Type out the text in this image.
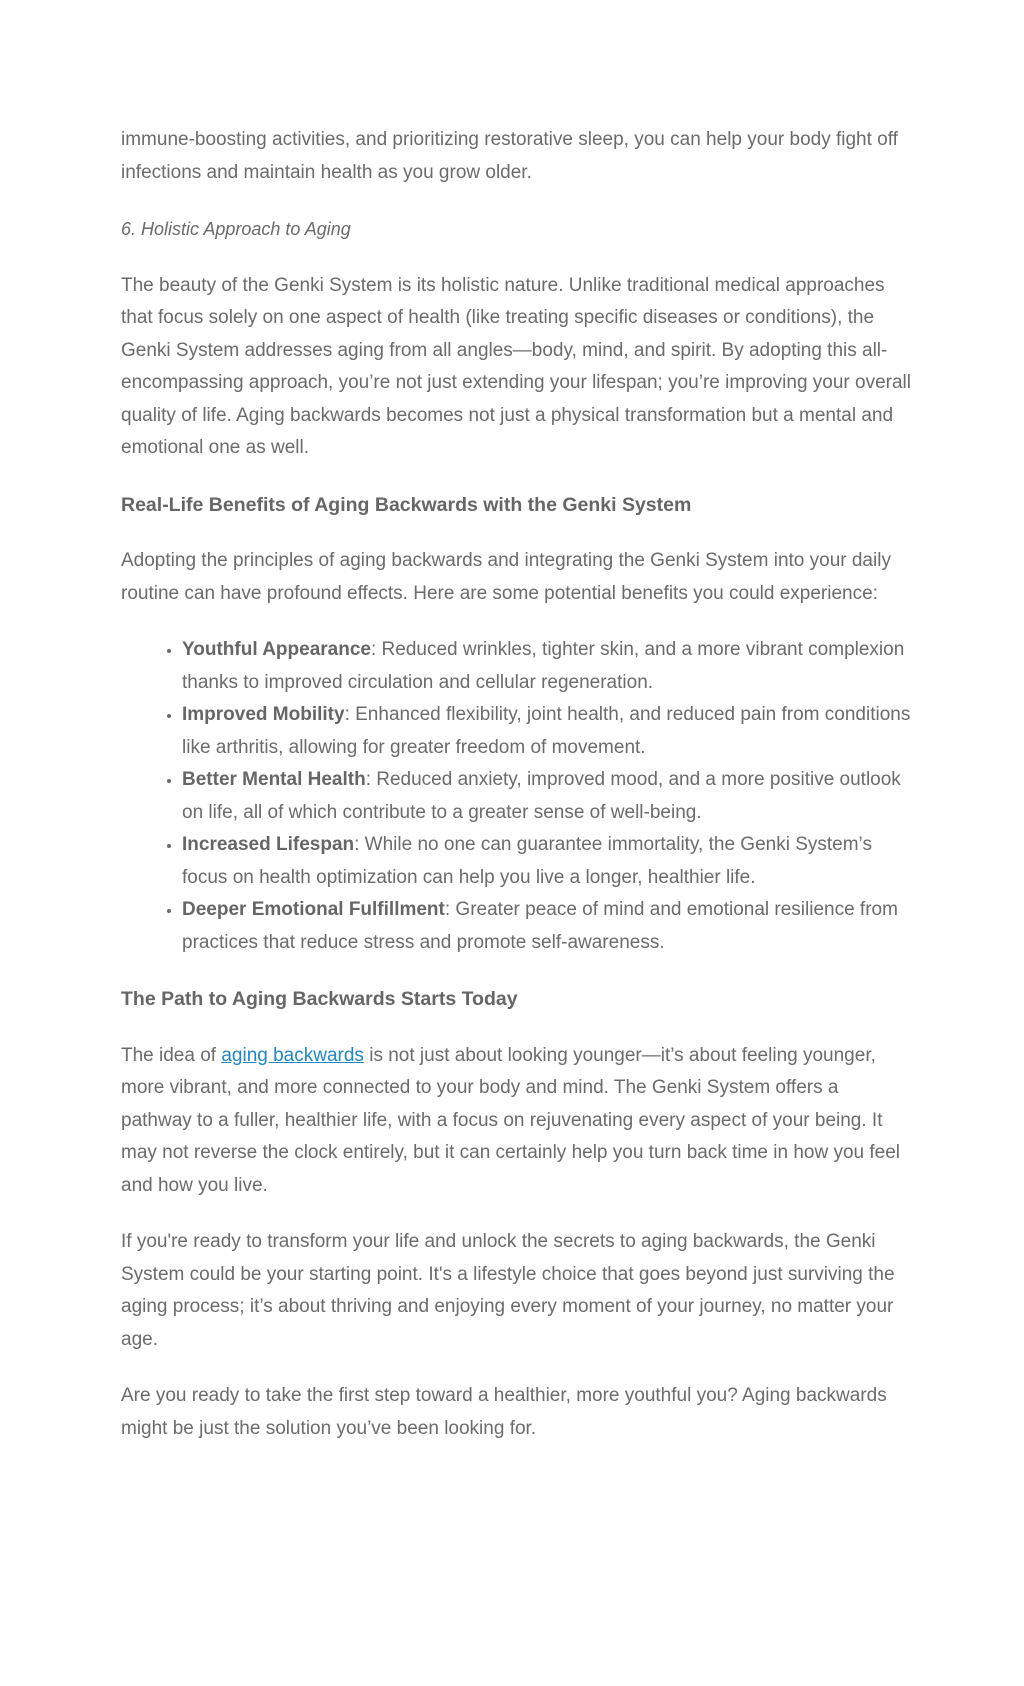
immune-boosting activities, and prioritizing restorative sleep, you can help your body fight off infections and maintain health as you grow older.

6. Holistic Approach to Aging

The beauty of the Genki System is its holistic nature. Unlike traditional medical approaches that focus solely on one aspect of health (like treating specific diseases or conditions), the Genki System addresses aging from all angles—body, mind, and spirit. By adopting this all-encompassing approach, you’re not just extending your lifespan; you’re improving your overall quality of life. Aging backwards becomes not just a physical transformation but a mental and emotional one as well.

Real-Life Benefits of Aging Backwards with the Genki System

Adopting the principles of aging backwards and integrating the Genki System into your daily routine can have profound effects. Here are some potential benefits you could experience:

• Youthful Appearance: Reduced wrinkles, tighter skin, and a more vibrant complexion thanks to improved circulation and cellular regeneration.
• Improved Mobility: Enhanced flexibility, joint health, and reduced pain from conditions like arthritis, allowing for greater freedom of movement.
• Better Mental Health: Reduced anxiety, improved mood, and a more positive outlook on life, all of which contribute to a greater sense of well-being.
• Increased Lifespan: While no one can guarantee immortality, the Genki System’s focus on health optimization can help you live a longer, healthier life.
• Deeper Emotional Fulfillment: Greater peace of mind and emotional resilience from practices that reduce stress and promote self-awareness.
The Path to Aging Backwards Starts Today

The idea of aging backwards is not just about looking younger—it’s about feeling younger, more vibrant, and more connected to your body and mind. The Genki System offers a pathway to a fuller, healthier life, with a focus on rejuvenating every aspect of your being. It may not reverse the clock entirely, but it can certainly help you turn back time in how you feel and how you live.

If you're ready to transform your life and unlock the secrets to aging backwards, the Genki System could be your starting point. It's a lifestyle choice that goes beyond just surviving the aging process; it’s about thriving and enjoying every moment of your journey, no matter your age.

Are you ready to take the first step toward a healthier, more youthful you? Aging backwards might be just the solution you’ve been looking for.
